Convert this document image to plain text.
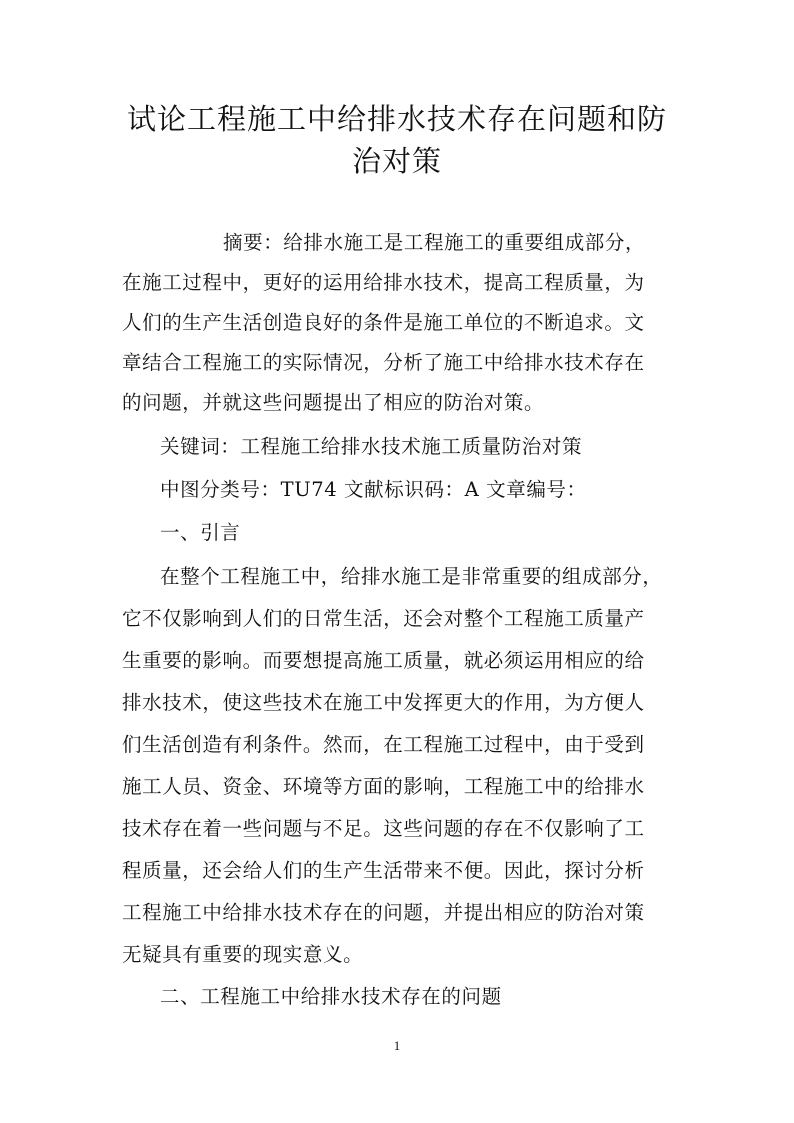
试论工程施工中给排水技术存在问题和防
治对策
摘要：给排水施工是工程施工的重要组成部分，
在施工过程中，更好的运用给排水技术，提高工程质量，为
人们的生产生活创造良好的条件是施工单位的不断追求。文
章结合工程施工的实际情况，分析了施工中给排水技术存在
的问题，并就这些问题提出了相应的防治对策。
关键词：工程施工给排水技术施工质量防治对策
中图分类号：TU74 文献标识码：A 文章编号：
一、引言
在整个工程施工中，给排水施工是非常重要的组成部分，
它不仅影响到人们的日常生活，还会对整个工程施工质量产
生重要的影响。而要想提高施工质量，就必须运用相应的给
排水技术，使这些技术在施工中发挥更大的作用，为方便人
们生活创造有利条件。然而，在工程施工过程中，由于受到
施工人员、资金、环境等方面的影响，工程施工中的给排水
技术存在着一些问题与不足。这些问题的存在不仅影响了工
程质量，还会给人们的生产生活带来不便。因此，探讨分析
工程施工中给排水技术存在的问题，并提出相应的防治对策
无疑具有重要的现实意义。
二、工程施工中给排水技术存在的问题
1
